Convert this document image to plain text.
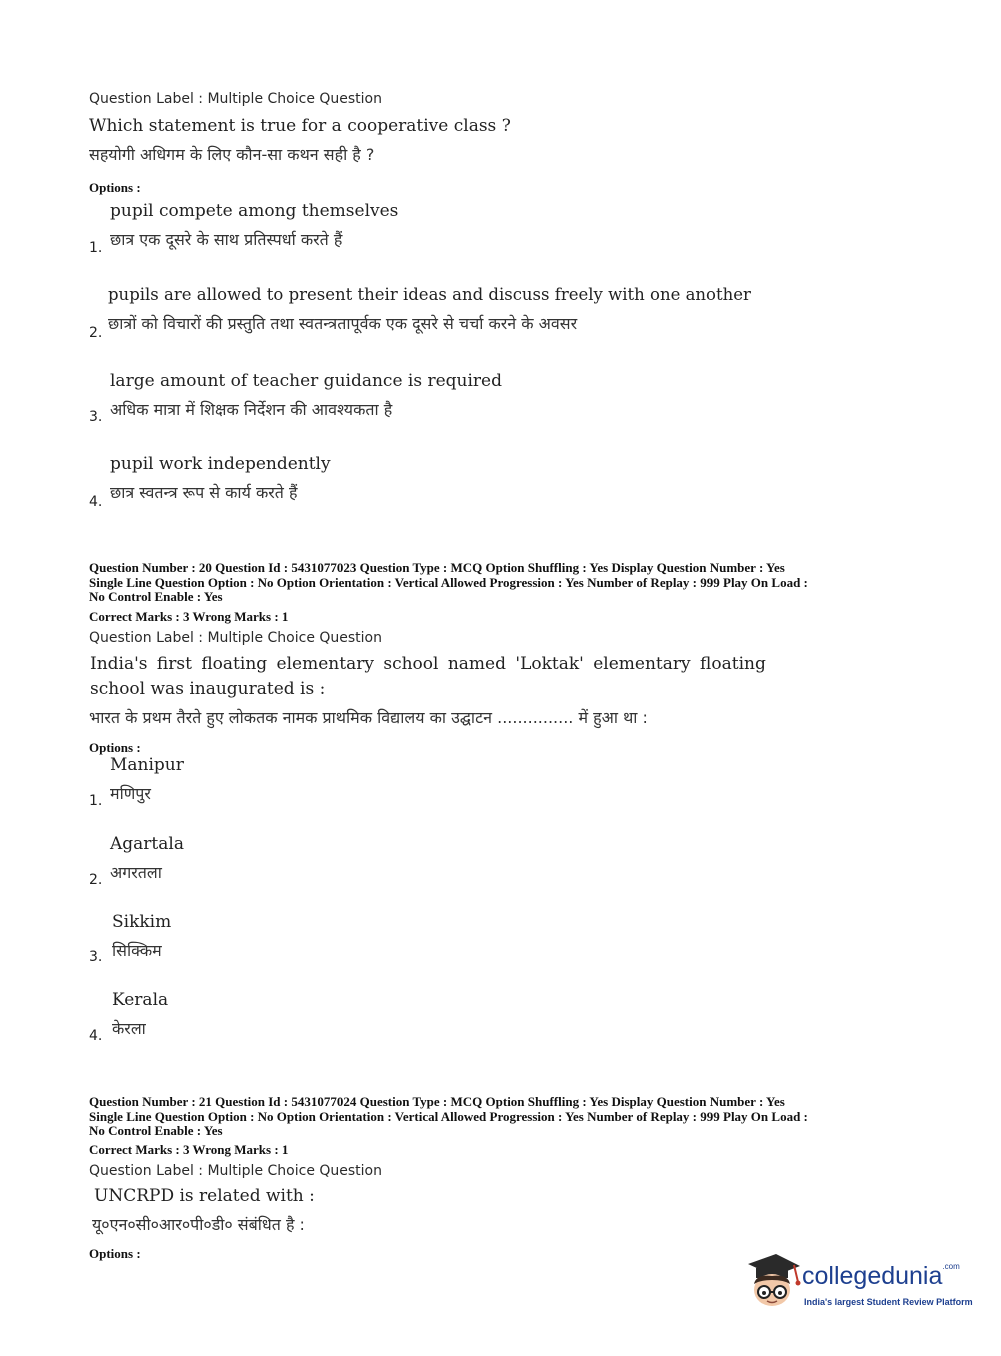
Question Label : Multiple Choice Question
Which statement is true for a cooperative class ?
सहयोगी अधिगम के लिए कौन-सा कथन सही है ?
Options :
pupil compete among themselves
छात्र एक दूसरे के साथ प्रतिस्पर्धा करते हैं
1.
pupils are allowed to present their ideas and discuss freely with one another
छात्रों को विचारों की प्रस्तुति तथा स्वतन्त्रतापूर्वक एक दूसरे से चर्चा करने के अवसर
2.
large amount of teacher guidance is required
अधिक मात्रा में शिक्षक निर्देशन की आवश्यकता है
3.
pupil work independently
छात्र स्वतन्त्र रूप से कार्य करते हैं
4.
Question Number : 20 Question Id : 5431077023 Question Type : MCQ Option Shuffling : Yes Display Question Number : Yes
Single Line Question Option : No Option Orientation : Vertical Allowed Progression : Yes Number of Replay : 999 Play On Load :
No Control Enable : Yes
Correct Marks : 3 Wrong Marks : 1
Question Label : Multiple Choice Question
India's first floating elementary school named 'Loktak' elementary floating
school was inaugurated is :
भारत के प्रथम तैरते हुए लोकतक नामक प्राथमिक विद्यालय का उद्घाटन ............... में हुआ था :
Options :
Manipur
मणिपुर
1.
Agartala
अगरतला
2.
Sikkim
सिक्किम
3.
Kerala
केरला
4.
Question Number : 21 Question Id : 5431077024 Question Type : MCQ Option Shuffling : Yes Display Question Number : Yes
Single Line Question Option : No Option Orientation : Vertical Allowed Progression : Yes Number of Replay : 999 Play On Load :
No Control Enable : Yes
Correct Marks : 3 Wrong Marks : 1
Question Label : Multiple Choice Question
UNCRPD is related with :
यू०एन०सी०आर०पी०डी० संबंधित है :
Options :
collegedunia$^{.com}$
India's largest Student Review Platform
